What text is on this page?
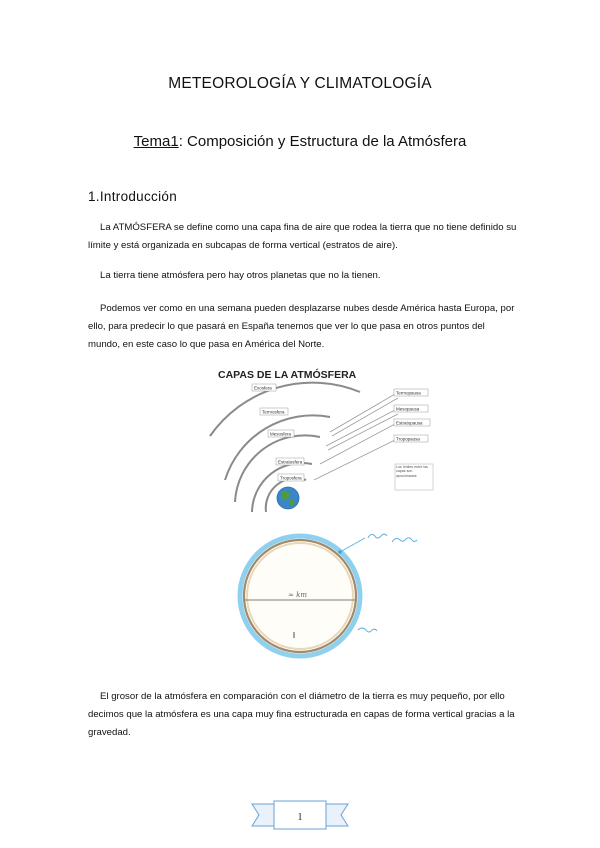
METEOROLOGÍA Y CLIMATOLOGÍA
Tema1: Composición y Estructura de la Atmósfera
1.Introducción
La ATMÓSFERA se define como una capa fina de aire que rodea la tierra que no tiene definido su límite y está organizada en subcapas de forma vertical (estratos de aire).
La tierra tiene atmósfera pero hay otros planetas que no la tienen.
Podemos ver como en una semana pueden desplazarse nubes desde América hasta Europa, por ello, para predecir lo que pasará en España tenemos que ver lo que pasa en otros puntos del mundo, en este caso lo que pasa en América del Norte.
CAPAS DE LA ATMÓSFERA
Exosfera
Termosfera
Mesosfera
Estratosfera
Troposfera
Termopausa
Mesopausa
Estratopausa
Tropopausa
Los límites entre las capas son aproximados
≈ km
El grosor de la atmósfera en comparación con el diámetro de la tierra es muy pequeño, por ello decimos que la atmósfera es una capa muy fina estructurada en capas de forma vertical gracias a la gravedad.
1
